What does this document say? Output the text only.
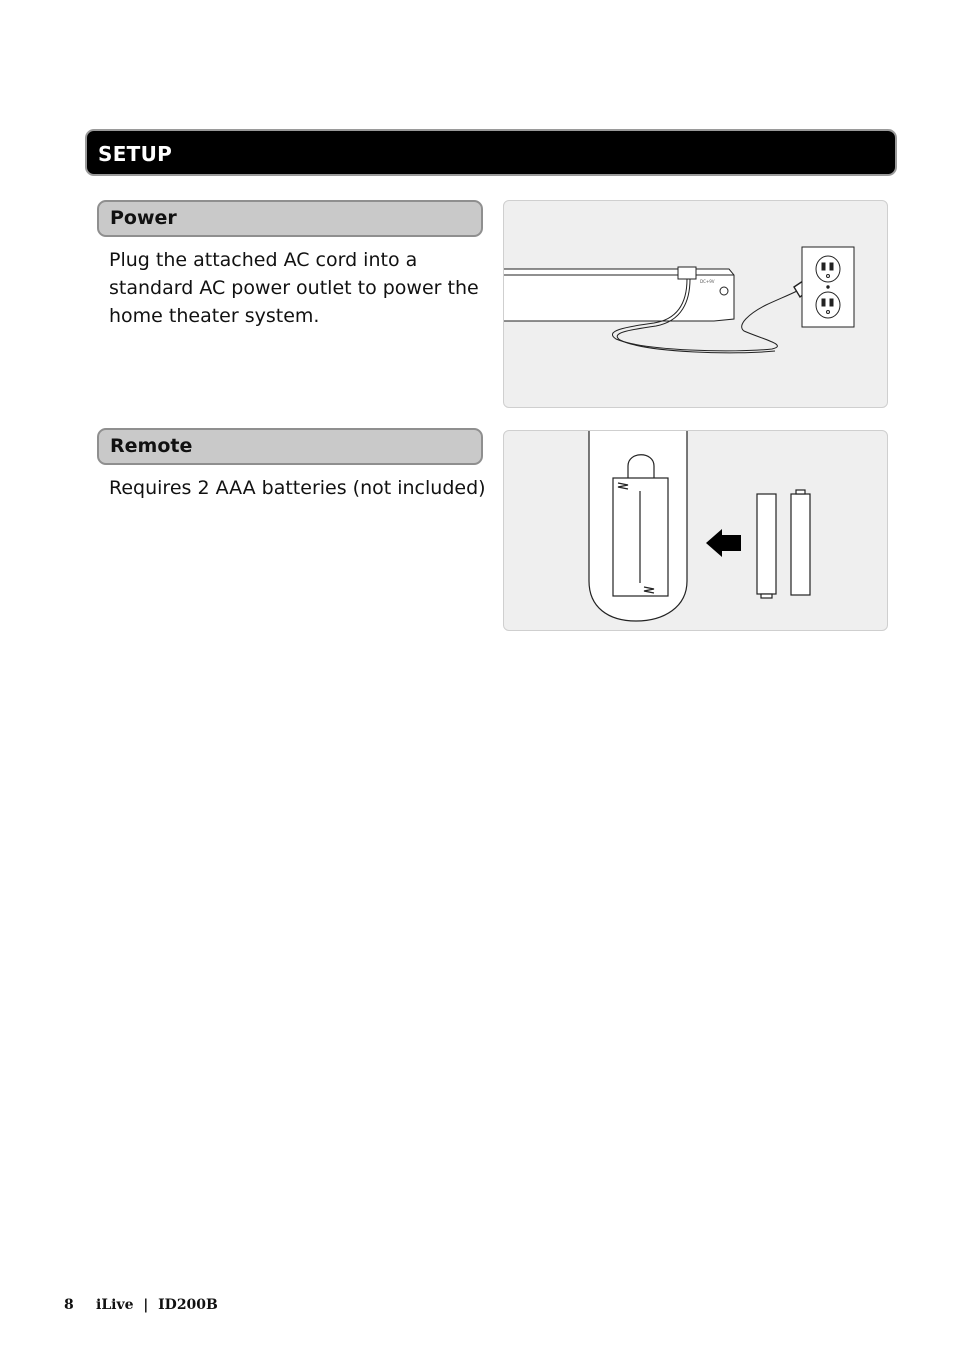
SETUP
Power
Plug the attached AC cord into a standard AC power outlet to power the home theater system.
DC+9V
Remote
Requires 2 AAA batteries (not included)
8 iLive | ID200B
